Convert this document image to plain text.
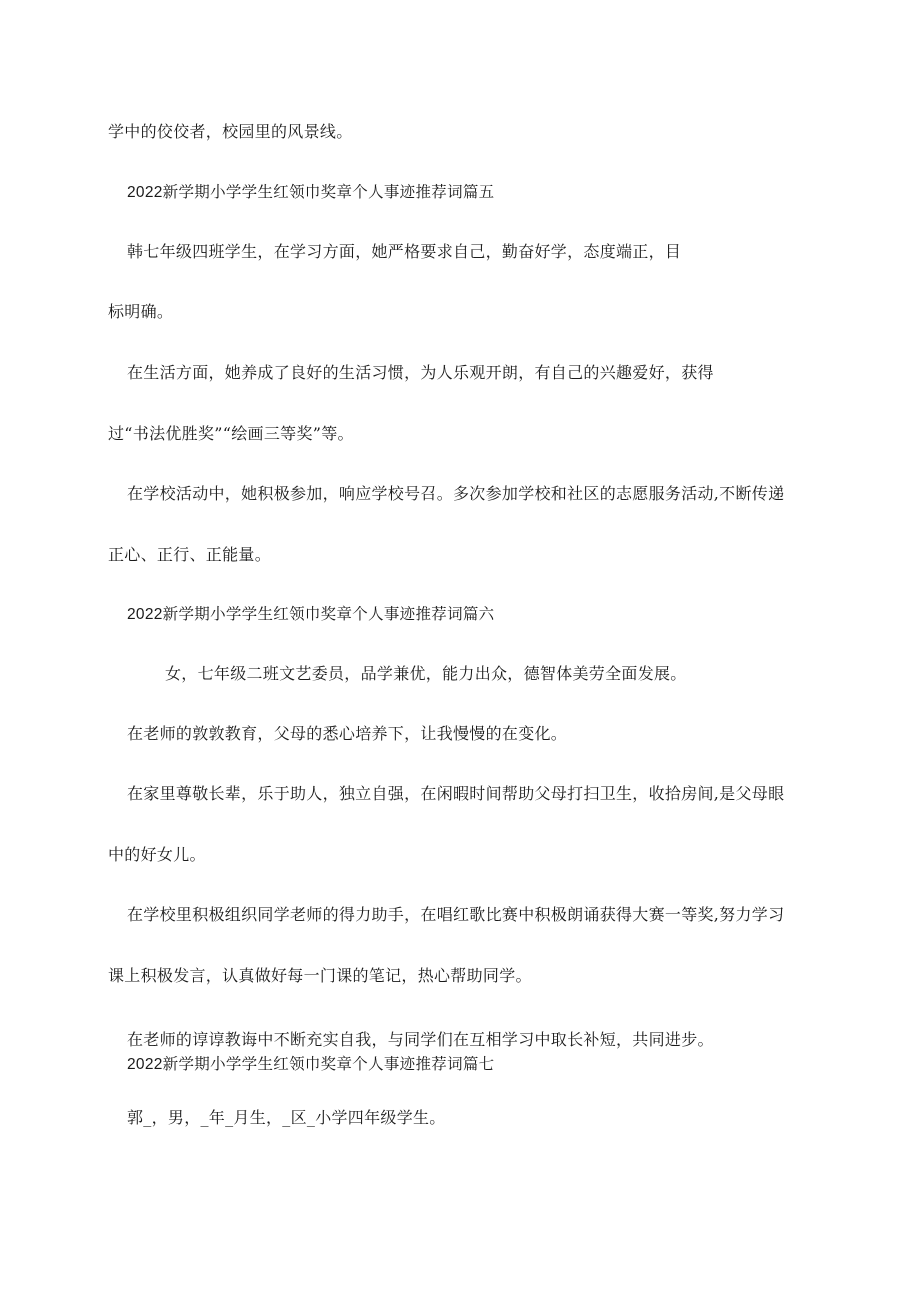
学中的佼佼者，校园里的风景线。
2022新学期小学学生红领巾奖章个人事迹推荐词篇五
韩七年级四班学生，在学习方面，她严格要求自己，勤奋好学，态度端正，目
标明确。
在生活方面，她养成了良好的生活习惯，为人乐观开朗，有自己的兴趣爱好，获得
过“书法优胜奖”“绘画三等奖”等。
在学校活动中，她积极参加，响应学校号召。多次参加学校和社区的志愿服务活动,不断传递
正心、正行、正能量。
2022新学期小学学生红领巾奖章个人事迹推荐词篇六
女，七年级二班文艺委员，品学兼优，能力出众，德智体美劳全面发展。
在老师的敦敦教育，父母的悉心培养下，让我慢慢的在变化。
在家里尊敬长辈，乐于助人，独立自强，在闲暇时间帮助父母打扫卫生，收拾房间,是父母眼
中的好女儿。
在学校里积极组织同学老师的得力助手，在唱红歌比赛中积极朗诵获得大赛一等奖,努力学习
课上积极发言，认真做好每一门课的笔记，热心帮助同学。
在老师的谆谆教诲中不断充实自我，与同学们在互相学习中取长补短，共同进步。
2022新学期小学学生红领巾奖章个人事迹推荐词篇七
郭_，男，_年_月生，_区_小学四年级学生。
